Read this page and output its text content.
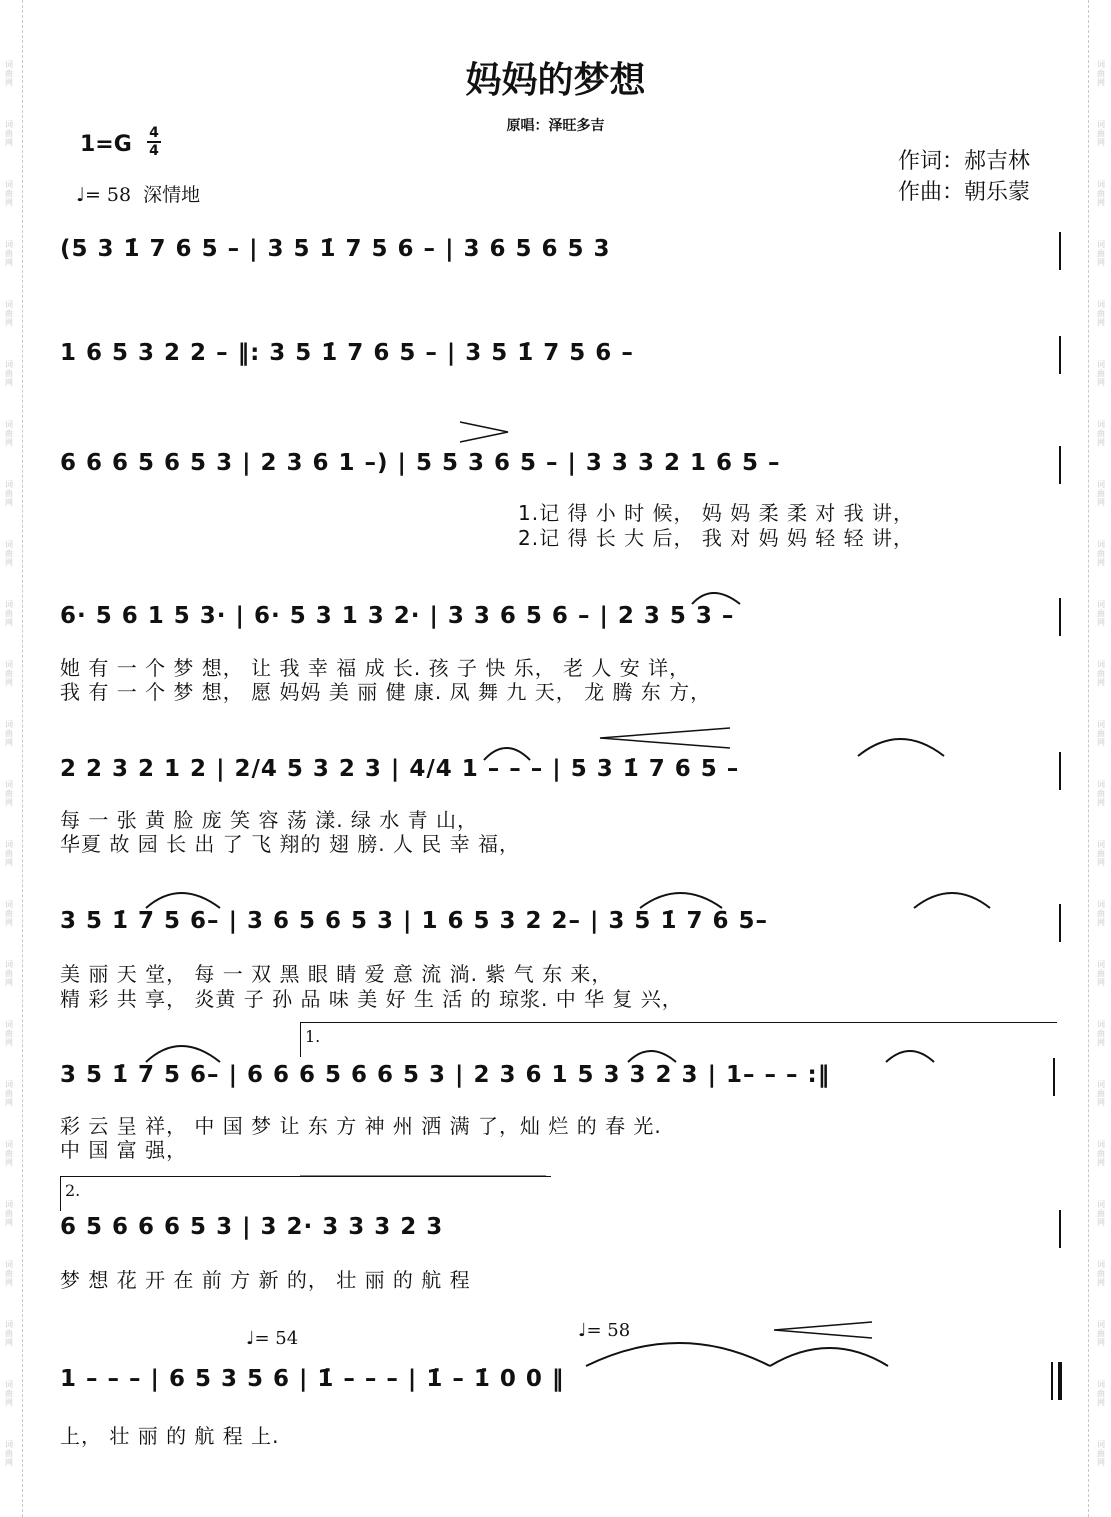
词
曲
网
词
曲
网
词
曲
网
词
曲
网
词
曲
网
词
曲
网
词
曲
网
词
曲
网
词
曲
网
词
曲
网
词
曲
网
词
曲
网
词
曲
网
词
曲
网
词
曲
网
词
曲
网
词
曲
网
词
曲
网
词
曲
网
词
曲
网
词
曲
网
词
曲
网
词
曲
网
词
曲
网
词
曲
网
词
曲
网
词
曲
网
词
曲
网
词
曲
网
词
曲
网
词
曲
网
词
曲
网
词
曲
网
词
曲
网
词
曲
网
词
曲
网
词
曲
网
词
曲
网
词
曲
网
词
曲
网
词
曲
网
词
曲
网
词
曲
网
词
曲
网
词
曲
网
词
曲
网
词
曲
网
词
曲
网
妈妈的梦想
原唱：泽旺多吉
1=G 4
4
♩= 58 深情地
作词：郝吉林
作曲：朝乐蒙
(5 3 1̇ 7 6 5 – | 3 5 1̇ 7 5 6 – | 3 6 5 6 5 3
1 6 5 3 2 2 – ‖: 3 5 1̇ 7 6 5 – | 3 5 1̇ 7 5 6 –
6 6 6 5 6 5 3 | 2 3 6 1 –) | 5 5 3 6 5 – | 3 3 3 2 1 6 5 –
1.记 得 小 时 候， 妈 妈 柔 柔 对 我 讲，
2.记 得 长 大 后， 我 对 妈 妈 轻 轻 讲，
6· 5 6 1 5 3· | 6· 5 3 1 3 2· | 3 3 6 5 6 – | 2 3 5 3 –
她 有 一 个 梦 想， 让 我 幸 福 成 长. 孩 子 快 乐， 老 人 安 详，
我 有 一 个 梦 想， 愿 妈妈 美 丽 健 康. 凤 舞 九 天， 龙 腾 东 方，
2 2 3 2 1 2 | 2/4 5 3 2 3 | 4/4 1 – – – | 5 3 1̇ 7 6 5 –
每 一 张 黄 脸 庞 笑 容 荡 漾. 绿 水 青 山，
华夏 故 园 长 出 了 飞 翔的 翅 膀. 人 民 幸 福，
3 5 1̇ 7 5 6– | 3 6 5 6 5 3 | 1 6 5 3 2 2– | 3 5 1̇ 7 6 5–
美 丽 天 堂， 每 一 双 黑 眼 睛 爱 意 流 淌. 紫 气 东 来，
精 彩 共 享， 炎黄 子 孙 品 味 美 好 生 活 的 琼浆. 中 华 复 兴，
1.
3 5 1̇ 7 5 6– | 6 6 6 5 6 6 5 3 | 2 3 6 1 5 3 3 2 3 | 1– – – :‖
彩 云 呈 祥， 中 国 梦 让 东 方 神 州 洒 满 了，灿 烂 的 春 光.
中 国 富 强，
2.
6 5 6 6 6 5 3 | 3 2· 3 3 3 2 3
梦 想 花 开 在 前 方 新 的， 壮 丽 的 航 程
♩= 54	♩= 58
1 – – – | 6 5 3 5 6 | 1̇ – – – | 1̇ – 1̇ 0 0 ‖
上， 壮 丽 的 航 程 上.
